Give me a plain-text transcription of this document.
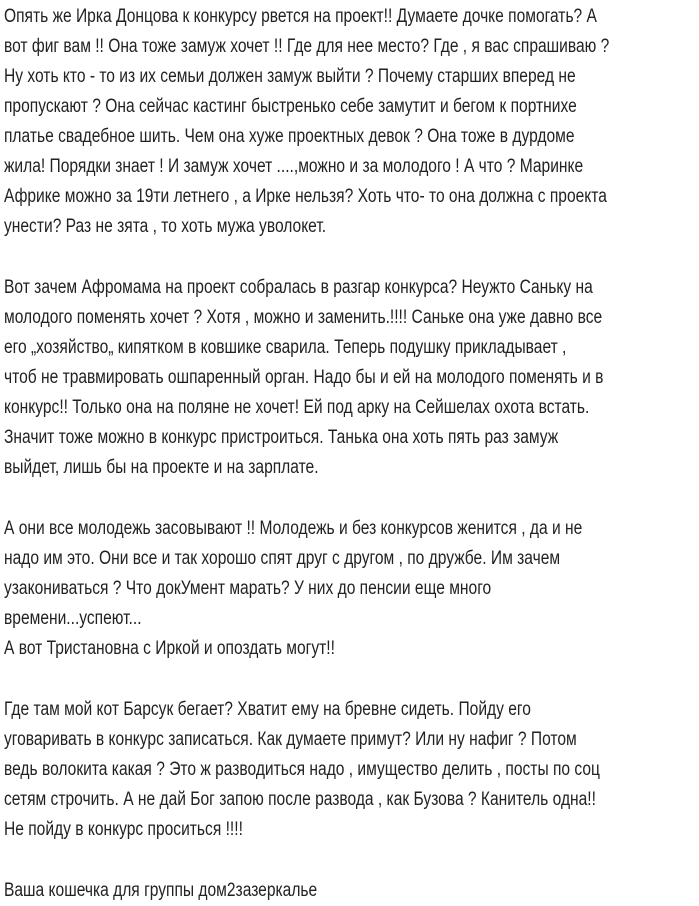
Опять же Ирка Донцова к конкурсу рвется на проект!! Думаете дочке помогать? А
вот фиг вам !! Она тоже замуж хочет !! Где для нее место? Где , я вас спрашиваю ?
Ну хоть кто - то из их семьи должен замуж выйти ? Почему старших вперед не
пропускают ? Она сейчас кастинг быстренько себе замутит и бегом к портнихе
платье свадебное шить. Чем она хуже проектных девок ? Она тоже в дурдоме
жила! Порядки знает ! И замуж хочет ....,можно и за молодого ! А что ? Маринке
Африке можно за 19ти летнего , а Ирке нельзя? Хоть что- то она должна с проекта
унести? Раз не зята , то хоть мужа уволокет.
Вот зачем Афромама на проект собралась в разгар конкурса? Неужто Саньку на
молодого поменять хочет ? Хотя , можно и заменить.!!!! Саньке она уже давно все
его „хозяйство„ кипятком в ковшике сварила. Теперь подушку прикладывает ,
чтоб не травмировать ошпаренный орган. Надо бы и ей на молодого поменять и в
конкурс!! Только она на поляне не хочет! Ей под арку на Сейшелах охота встать.
Значит тоже можно в конкурс пристроиться. Танька она хоть пять раз замуж
выйдет, лишь бы на проекте и на зарплате.
А они все молодежь засовывают !! Молодежь и без конкурсов женится , да и не
надо им это. Они все и так хорошо спят друг с другом , по дружбе. Им зачем
узакониваться ? Что докУмент марать? У них до пенсии еще много
времени...успеют...
А вот Тристановна с Иркой и опоздать могут!!
Где там мой кот Барсук бегает? Хватит ему на бревне сидеть. Пойду его
уговаривать в конкурс записаться. Как думаете примут? Или ну нафиг ? Потом
ведь волокита какая ? Это ж разводиться надо , имущество делить , посты по соц
сетям строчить. А не дай Бог запою после развода , как Бузова ? Канитель одна!!
Не пойду в конкурс проситься !!!!
Ваша кошечка для группы дом2зазеркалье
